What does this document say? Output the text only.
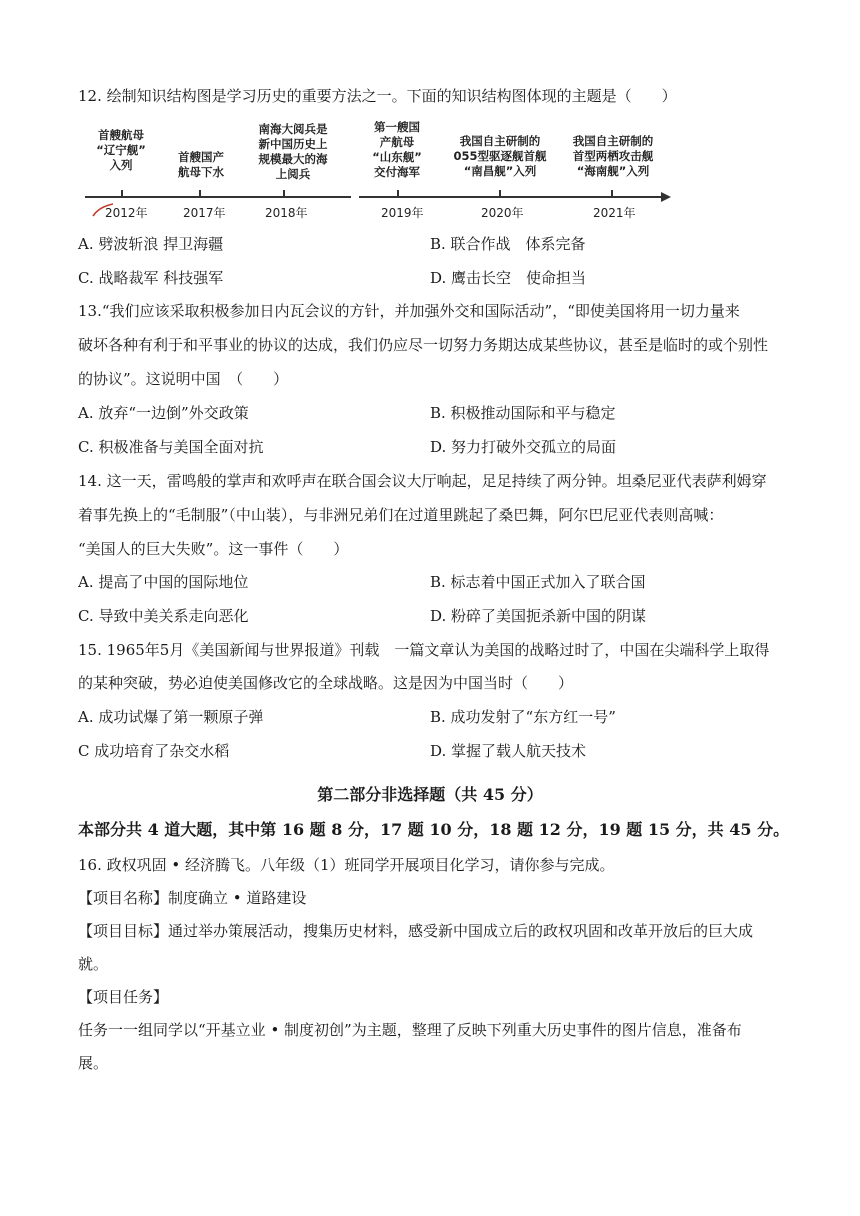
12. 绘制知识结构图是学习历史的重要方法之一。下面的知识结构图体现的主题是（　　）
首艘航母
“辽宁舰”
入列
首艘国产
航母下水
南海大阅兵是
新中国历史上
规模最大的海
上阅兵
第一艘国
产航母
“山东舰”
交付海军
我国自主研制的
055型驱逐舰首舰
“南昌舰”入列
我国自主研制的
首型两栖攻击舰
“海南舰”入列
2012年	2017年	2018年	2019年	2020年	2021年
A. 劈波斩浪 捍卫海疆	B. 联合作战　体系完备
C. 战略裁军 科技强军	D. 鹰击长空　使命担当
13.“我们应该采取积极参加日内瓦会议的方针，并加强外交和国际活动”，“即使美国将用一切力量来
破坏各种有利于和平事业的协议的达成，我们仍应尽一切努力务期达成某些协议，甚至是临时的或个别性
的协议”。这说明中国　（　　）
A. 放弃“一边倒”外交政策	B. 积极推动国际和平与稳定
C. 积极准备与美国全面对抗	D. 努力打破外交孤立的局面
14. 这一天，雷鸣般的掌声和欢呼声在联合国会议大厅响起，足足持续了两分钟。坦桑尼亚代表萨利姆穿
着事先换上的“毛制服”（中山装），与非洲兄弟们在过道里跳起了桑巴舞，阿尔巴尼亚代表则高喊：
“美国人的巨大失败”。这一事件（　　）
A. 提高了中国的国际地位	B. 标志着中国正式加入了联合国
C. 导致中美关系走向恶化	D. 粉碎了美国扼杀新中国的阴谋
15. 1965年5月《美国新闻与世界报道》刊载　一篇文章认为美国的战略过时了，中国在尖端科学上取得
的某种突破，势必迫使美国修改它的全球战略。这是因为中国当时（　　）
A. 成功试爆了第一颗原子弹	B. 成功发射了“东方红一号”
C 成功培育了杂交水稻	D. 掌握了载人航天技术
第二部分非选择题（共 45 分）
本部分共 4 道大题，其中第 16 题 8 分，17 题 10 分，18 题 12 分，19 题 15 分，共 45 分。
16. 政权巩固 • 经济腾飞。八年级（1）班同学开展项目化学习，请你参与完成。
【项目名称】制度确立 • 道路建设
【项目目标】通过举办策展活动，搜集历史材料，感受新中国成立后的政权巩固和改革开放后的巨大成
就。
【项目任务】
任务一一组同学以“开基立业 • 制度初创”为主题，整理了反映下列重大历史事件的图片信息，准备布
展。
